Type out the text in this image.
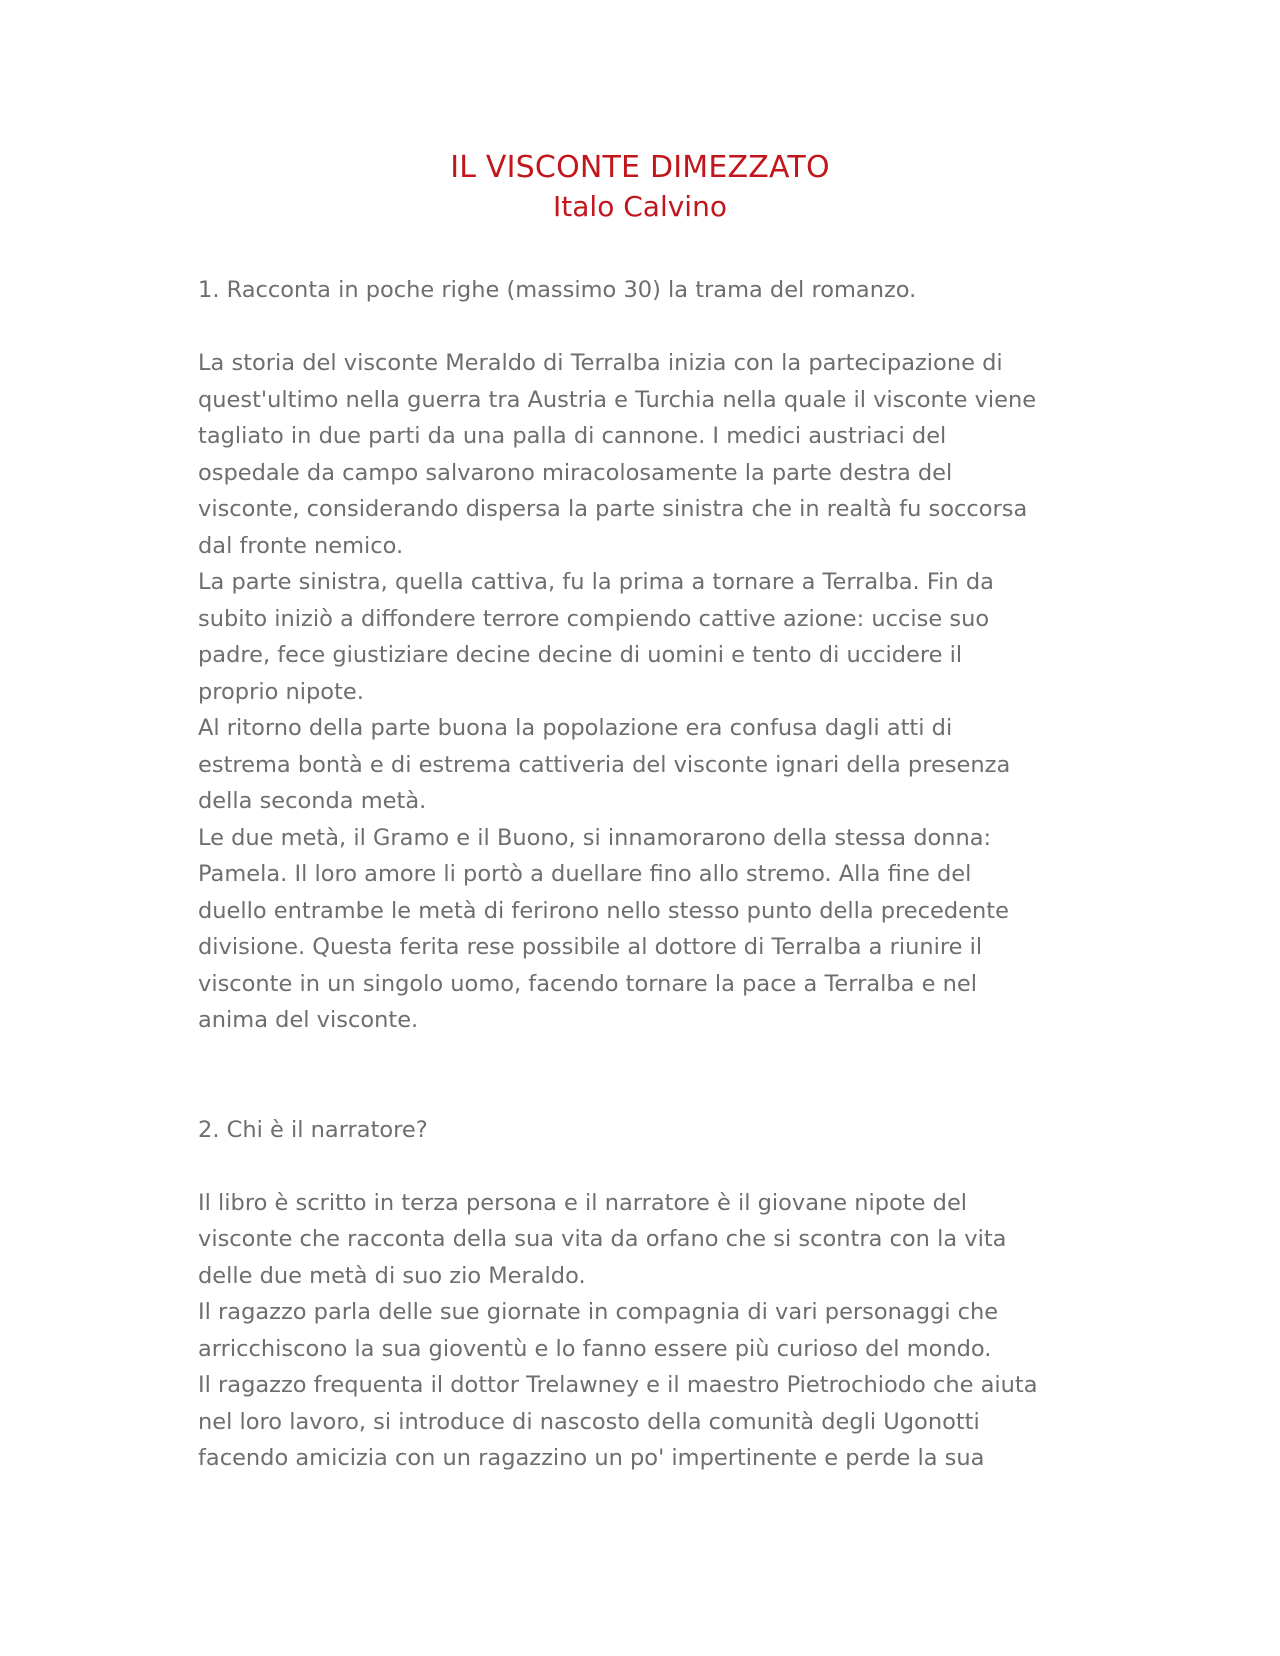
IL VISCONTE DIMEZZATO

Italo Calvino

1. Racconta in poche righe (massimo 30) la trama del romanzo.

La storia del visconte Meraldo di Terralba inizia con la partecipazione di
quest'ultimo nella guerra tra Austria e Turchia nella quale il visconte viene
tagliato in due parti da una palla di cannone. I medici austriaci del
ospedale da campo salvarono miracolosamente la parte destra del
visconte, considerando dispersa la parte sinistra che in realtà fu soccorsa
dal fronte nemico.
La parte sinistra, quella cattiva, fu la prima a tornare a Terralba. Fin da
subito iniziò a diffondere terrore compiendo cattive azione: uccise suo
padre, fece giustiziare decine decine di uomini e tento di uccidere il
proprio nipote.
Al ritorno della parte buona la popolazione era confusa dagli atti di
estrema bontà e di estrema cattiveria del visconte ignari della presenza
della seconda metà.
Le due metà, il Gramo e il Buono, si innamorarono della stessa donna:
Pamela. Il loro amore li portò a duellare fino allo stremo. Alla fine del
duello entrambe le metà di ferirono nello stesso punto della precedente
divisione. Questa ferita rese possibile al dottore di Terralba a riunire il
visconte in un singolo uomo, facendo tornare la pace a Terralba e nel
anima del visconte.

2. Chi è il narratore?

Il libro è scritto in terza persona e il narratore è il giovane nipote del
visconte che racconta della sua vita da orfano che si scontra con la vita
delle due metà di suo zio Meraldo.
Il ragazzo parla delle sue giornate in compagnia di vari personaggi che
arricchiscono la sua gioventù e lo fanno essere più curioso del mondo.
Il ragazzo frequenta il dottor Trelawney e il maestro Pietrochiodo che aiuta
nel loro lavoro, si introduce di nascosto della comunità degli Ugonotti
facendo amicizia con un ragazzino un po' impertinente e perde la sua
